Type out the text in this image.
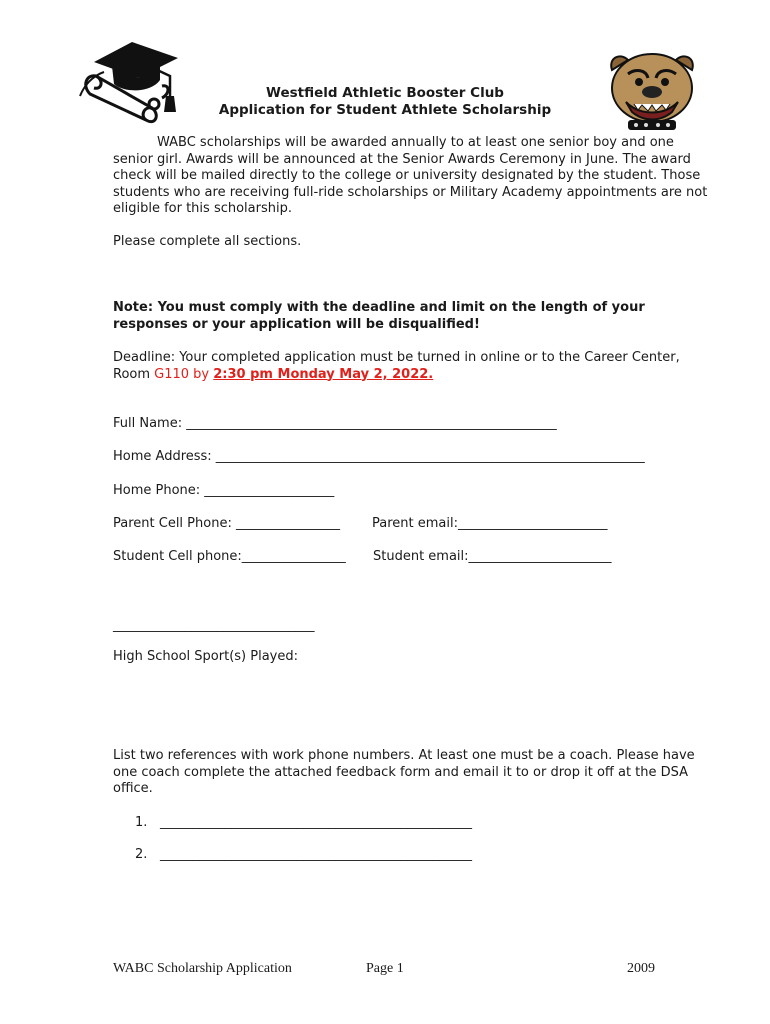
Westfield Athletic Booster Club
Application for Student Athlete Scholarship

WABC scholarships will be awarded annually to at least one senior boy and one senior girl. Awards will be announced at the Senior Awards Ceremony in June. The award check will be mailed directly to the college or university designated by the student. Those students who are receiving full-ride scholarships or Military Academy appointments are not eligible for this scholarship.

Please complete all sections.

Note: You must comply with the deadline and limit on the length of your responses or your application will be disqualified!

Deadline: Your completed application must be turned in online or to the Career Center, Room G110 by 2:30 pm Monday May 2, 2022.

Full Name: _________________________________________________________
Home Address: __________________________________________________________________
Home Phone: ____________________
Parent Cell Phone: ________________ Parent email:_______________________
Student Cell phone:________________ Student email:______________________
_______________________________
High School Sport(s) Played:

List two references with work phone numbers. At least one must be a coach. Please have one coach complete the attached feedback form and email it to or drop it off at the DSA office.

1. ________________________________________________
2. ________________________________________________
WABC Scholarship Application	Page 1	2009
